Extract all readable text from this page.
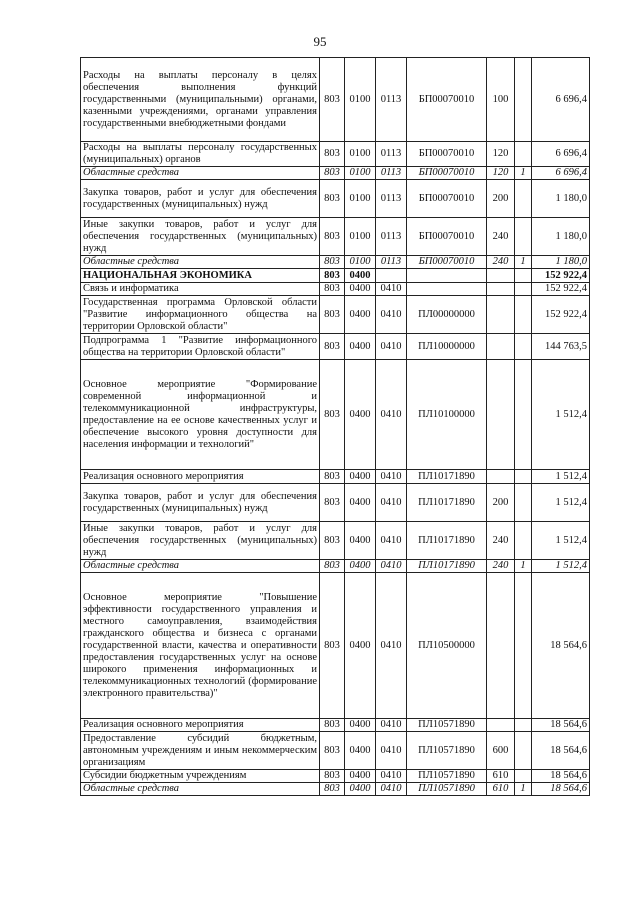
95
Расходы на выплаты персоналу в целях обеспечения выполнения функций государственными (муниципальными) органами, казенными учреждениями, органами управления государственными внебюджетными фондами	803	0100	0113	БП00070010	100		6 696,4
Расходы на выплаты персоналу государственных (муниципальных) органов	803	0100	0113	БП00070010	120		6 696,4
Областные средства	803	0100	0113	БП00070010	120	1	6 696,4
Закупка товаров, работ и услуг для обеспечения государственных (муниципальных) нужд	803	0100	0113	БП00070010	200		1 180,0
Иные закупки товаров, работ и услуг для обеспечения государственных (муниципальных) нужд	803	0100	0113	БП00070010	240		1 180,0
Областные средства	803	0100	0113	БП00070010	240	1	1 180,0
НАЦИОНАЛЬНАЯ ЭКОНОМИКА	803	0400					152 922,4
Связь и информатика	803	0400	0410				152 922,4
Государственная программа Орловской области "Развитие информационного общества на территории Орловской области"	803	0400	0410	ПЛ00000000			152 922,4
Подпрограмма 1 "Развитие информационного общества на территории Орловской области"	803	0400	0410	ПЛ10000000			144 763,5
Основное мероприятие "Формирование современной информационной и телекоммуникационной инфраструктуры, предоставление на ее основе качественных услуг и обеспечение высокого уровня доступности для населения информации и технологий"	803	0400	0410	ПЛ10100000			1 512,4
Реализация основного мероприятия	803	0400	0410	ПЛ10171890			1 512,4
Закупка товаров, работ и услуг для обеспечения государственных (муниципальных) нужд	803	0400	0410	ПЛ10171890	200		1 512,4
Иные закупки товаров, работ и услуг для обеспечения государственных (муниципальных) нужд	803	0400	0410	ПЛ10171890	240		1 512,4
Областные средства	803	0400	0410	ПЛ10171890	240	1	1 512,4
Основное мероприятие "Повышение эффективности государственного управления и местного самоуправления, взаимодействия гражданского общества и бизнеса с органами государственной власти, качества и оперативности предоставления государственных услуг на основе широкого применения информационных и телекоммуникационных технологий (формирование электронного правительства)"	803	0400	0410	ПЛ10500000			18 564,6
Реализация основного мероприятия	803	0400	0410	ПЛ10571890			18 564,6
Предоставление субсидий бюджетным, автономным учреждениям и иным некоммерческим организациям	803	0400	0410	ПЛ10571890	600		18 564,6
Субсидии бюджетным учреждениям	803	0400	0410	ПЛ10571890	610		18 564,6
Областные средства	803	0400	0410	ПЛ10571890	610	1	18 564,6
